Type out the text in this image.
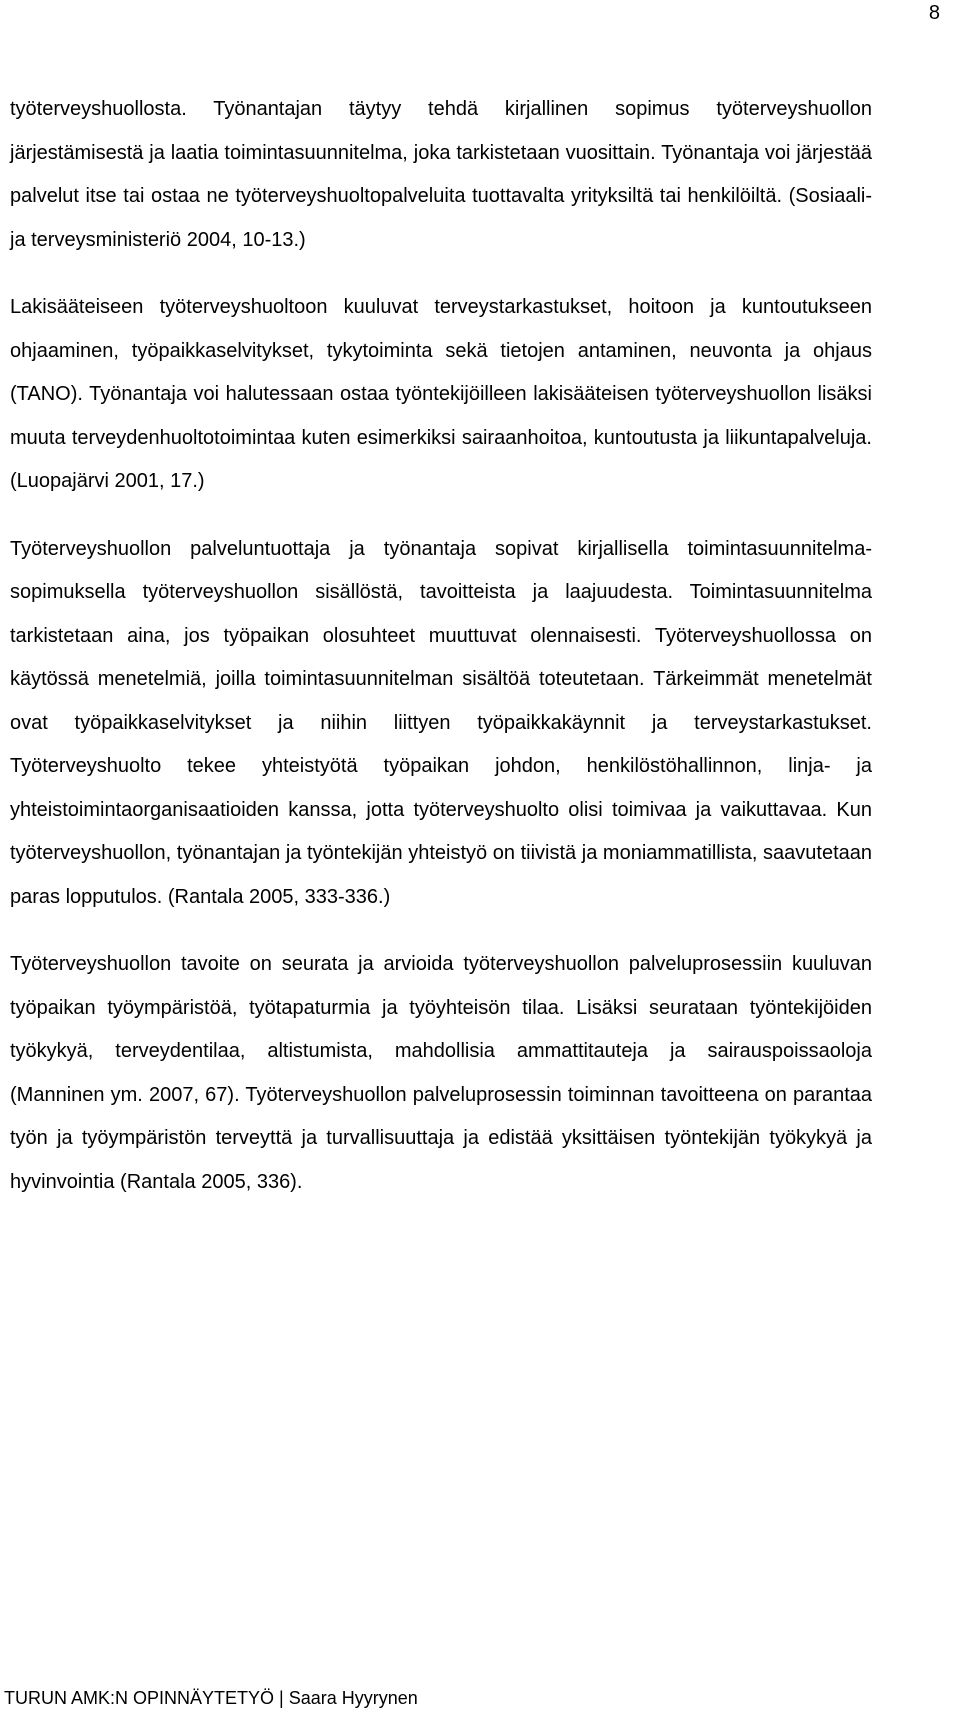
8

työterveyshuollosta. Työnantajan täytyy tehdä kirjallinen sopimus työterveyshuollon järjestämisestä ja laatia toimintasuunnitelma, joka tarkistetaan vuosittain. Työnantaja voi järjestää palvelut itse tai ostaa ne työterveyshuoltopalveluita tuottavalta yrityksiltä tai henkilöiltä. (Sosiaali- ja terveysministeriö 2004, 10-13.)

Lakisääteiseen työterveyshuoltoon kuuluvat terveystarkastukset, hoitoon ja kuntoutukseen ohjaaminen, työpaikkaselvitykset, tykytoiminta sekä tietojen antaminen, neuvonta ja ohjaus (TANO). Työnantaja voi halutessaan ostaa työntekijöilleen lakisääteisen työterveyshuollon lisäksi muuta terveydenhuoltotoimintaa kuten esimerkiksi sairaanhoitoa, kuntoutusta ja liikuntapalveluja. (Luopajärvi 2001, 17.)

Työterveyshuollon palveluntuottaja ja työnantaja sopivat kirjallisella toimintasuunnitelma-sopimuksella työterveyshuollon sisällöstä, tavoitteista ja laajuudesta. Toimintasuunnitelma tarkistetaan aina, jos työpaikan olosuhteet muuttuvat olennaisesti. Työterveyshuollossa on käytössä menetelmiä, joilla toimintasuunnitelman sisältöä toteutetaan. Tärkeimmät menetelmät ovat työpaikkaselvitykset ja niihin liittyen työpaikkakäynnit ja terveystarkastukset. Työterveyshuolto tekee yhteistyötä työpaikan johdon, henkilöstöhallinnon, linja- ja yhteistoimintaorganisaatioiden kanssa, jotta työterveyshuolto olisi toimivaa ja vaikuttavaa. Kun työterveyshuollon, työnantajan ja työntekijän yhteistyö on tiivistä ja moniammatillista, saavutetaan paras lopputulos. (Rantala 2005, 333-336.)

Työterveyshuollon tavoite on seurata ja arvioida työterveyshuollon palveluprosessiin kuuluvan työpaikan työympäristöä, työtapaturmia ja työyhteisön tilaa. Lisäksi seurataan työntekijöiden työkykyä, terveydentilaa, altistumista, mahdollisia ammattitauteja ja sairauspoissaoloja (Manninen ym. 2007, 67). Työterveyshuollon palveluprosessin toiminnan tavoitteena on parantaa työn ja työympäristön terveyttä ja turvallisuuttaja ja edistää yksittäisen työntekijän työkykyä ja hyvinvointia (Rantala 2005, 336).

TURUN AMK:N OPINNÄYTETYÖ | Saara Hyyrynen
